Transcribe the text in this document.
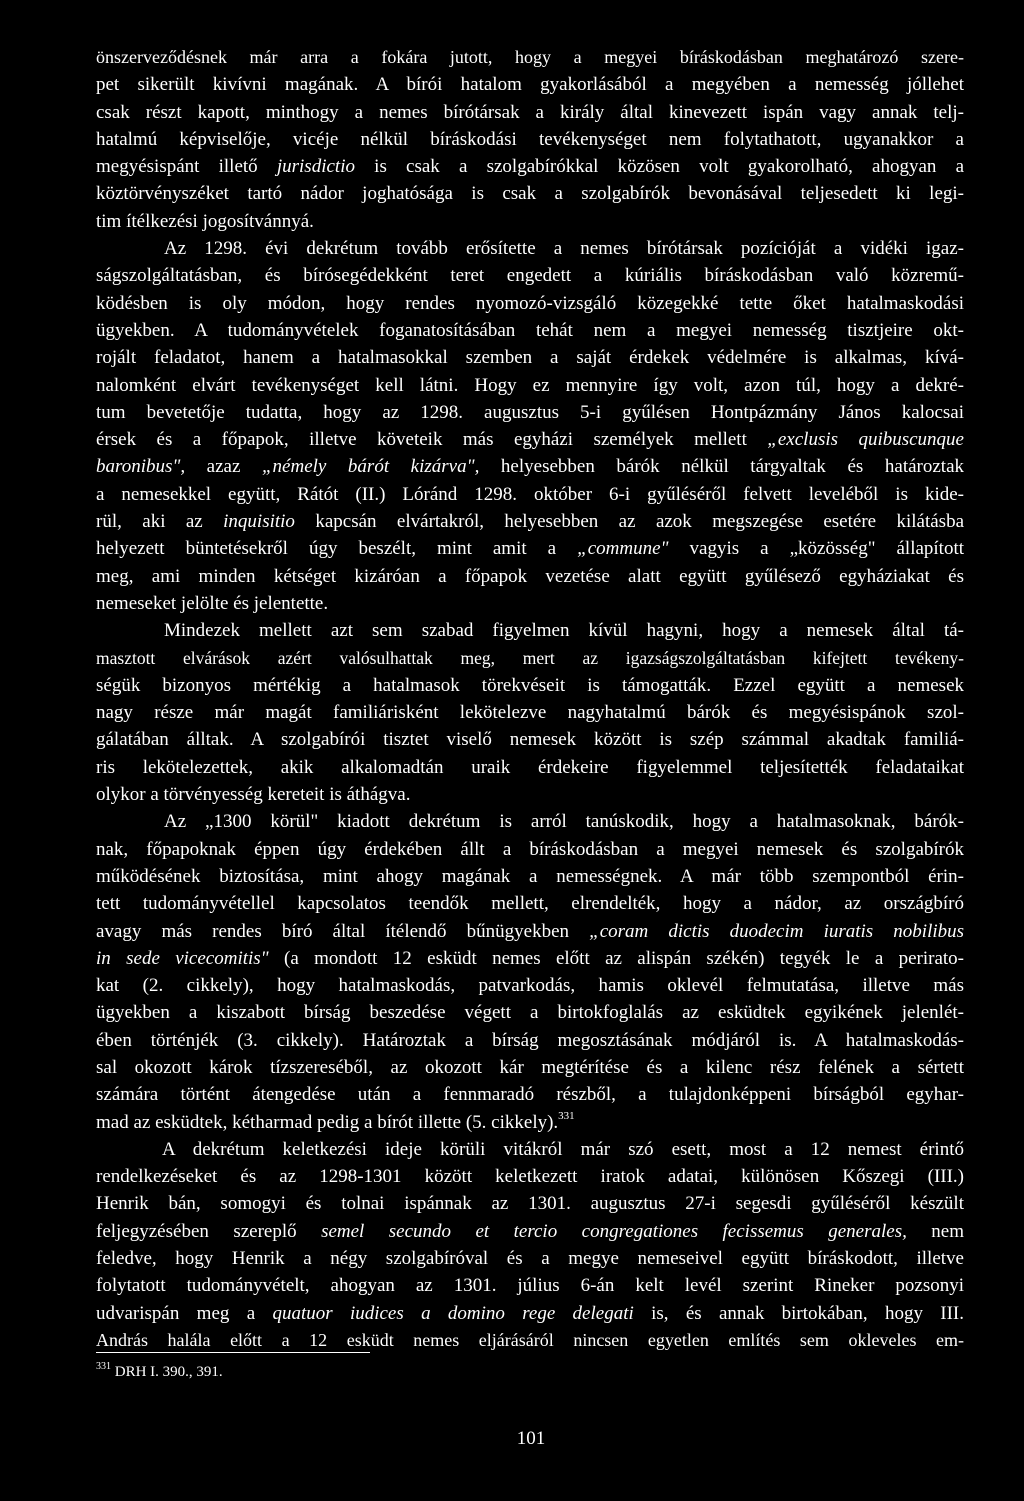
önszerveződésnek már arra a fokára jutott, hogy a megyei bíráskodásban meghatározó szere-
pet sikerült kivívni magának. A bírói hatalom gyakorlásából a megyében a nemesség jóllehet
csak részt kapott, minthogy a nemes bírótársak a király által kinevezett ispán vagy annak telj-
hatalmú képviselője, vicéje nélkül bíráskodási tevékenységet nem folytathatott, ugyanakkor a
megyésispánt illető jurisdictio is csak a szolgabírókkal közösen volt gyakorolható, ahogyan a
köztörvényszéket tartó nádor joghatósága is csak a szolgabírók bevonásával teljesedett ki legi-
tim ítélkezési jogosítvánnyá.
Az 1298. évi dekrétum tovább erősítette a nemes bírótársak pozícióját a vidéki igaz-
ságszolgáltatásban, és bírósegédekként teret engedett a kúriális bíráskodásban való közremű-
ködésben is oly módon, hogy rendes nyomozó-vizsgáló közegekké tette őket hatalmaskodási
ügyekben. A tudományvételek foganatosításában tehát nem a megyei nemesség tisztjeire okt-
rojált feladatot, hanem a hatalmasokkal szemben a saját érdekek védelmére is alkalmas, kívá-
nalomként elvárt tevékenységet kell látni. Hogy ez mennyire így volt, azon túl, hogy a dekré-
tum bevetetője tudatta, hogy az 1298. augusztus 5-i gyűlésen Hontpázmány János kalocsai
érsek és a főpapok, illetve követeik más egyházi személyek mellett „exclusis quibuscunque
baronibus", azaz „némely bárót kizárva", helyesebben bárók nélkül tárgyaltak és határoztak
a nemesekkel együtt, Rátót (II.) Lóránd 1298. október 6-i gyűléséről felvett leveléből is kide-
rül, aki az inquisitio kapcsán elvártakról, helyesebben az azok megszegése esetére kilátásba
helyezett büntetésekről úgy beszélt, mint amit a „commune" vagyis a „közösség" állapított
meg, ami minden kétséget kizáróan a főpapok vezetése alatt együtt gyűlésező egyháziakat és
nemeseket jelölte és jelentette.
Mindezek mellett azt sem szabad figyelmen kívül hagyni, hogy a nemesek által tá-
masztott elvárások azért valósulhattak meg, mert az igazságszolgáltatásban kifejtett tevékeny-
ségük bizonyos mértékig a hatalmasok törekvéseit is támogatták. Ezzel együtt a nemesek
nagy része már magát familiárisként lekötelezve nagyhatalmú bárók és megyésispánok szol-
gálatában álltak. A szolgabírói tisztet viselő nemesek között is szép számmal akadtak familiá-
ris lekötelezettek, akik alkalomadtán uraik érdekeire figyelemmel teljesítették feladataikat
olykor a törvényesség kereteit is áthágva.
Az „1300 körül" kiadott dekrétum is arról tanúskodik, hogy a hatalmasoknak, bárók-
nak, főpapoknak éppen úgy érdekében állt a bíráskodásban a megyei nemesek és szolgabírók
működésének biztosítása, mint ahogy magának a nemességnek. A már több szempontból érin-
tett tudományvétellel kapcsolatos teendők mellett, elrendelték, hogy a nádor, az országbíró
avagy más rendes bíró által ítélendő bűnügyekben „coram dictis duodecim iuratis nobilibus
in sede vicecomitis" (a mondott 12 esküdt nemes előtt az alispán székén) tegyék le a perirato-
kat (2. cikkely), hogy hatalmaskodás, patvarkodás, hamis oklevél felmutatása, illetve más
ügyekben a kiszabott bírság beszedése végett a birtokfoglalás az esküdtek egyikének jelenlét-
ében történjék (3. cikkely). Határoztak a bírság megosztásának módjáról is. A hatalmaskodás-
sal okozott károk tízszereséből, az okozott kár megtérítése és a kilenc rész felének a sértett
számára történt átengedése után a fennmaradó részből, a tulajdonképpeni bírságból egyhar-
mad az esküdtek, kétharmad pedig a bírót illette (5. cikkely).$^{331}$
A dekrétum keletkezési ideje körüli vitákról már szó esett, most a 12 nemest érintő
rendelkezéseket és az 1298-1301 között keletkezett iratok adatai, különösen Kőszegi (III.)
Henrik bán, somogyi és tolnai ispánnak az 1301. augusztus 27-i segesdi gyűléséről készült
feljegyzésében szereplő semel secundo et tercio congregationes fecissemus generales, nem
feledve, hogy Henrik a négy szolgabíróval és a megye nemeseivel együtt bíráskodott, illetve
folytatott tudományvételt, ahogyan az 1301. július 6-án kelt levél szerint Rineker pozsonyi
udvarispán meg a quatuor iudices a domino rege delegati is, és annak birtokában, hogy III.
András halála előtt a 12 esküdt nemes eljárásáról nincsen egyetlen említés sem okleveles em-
$^{331}$ DRH I. 390., 391.
101
